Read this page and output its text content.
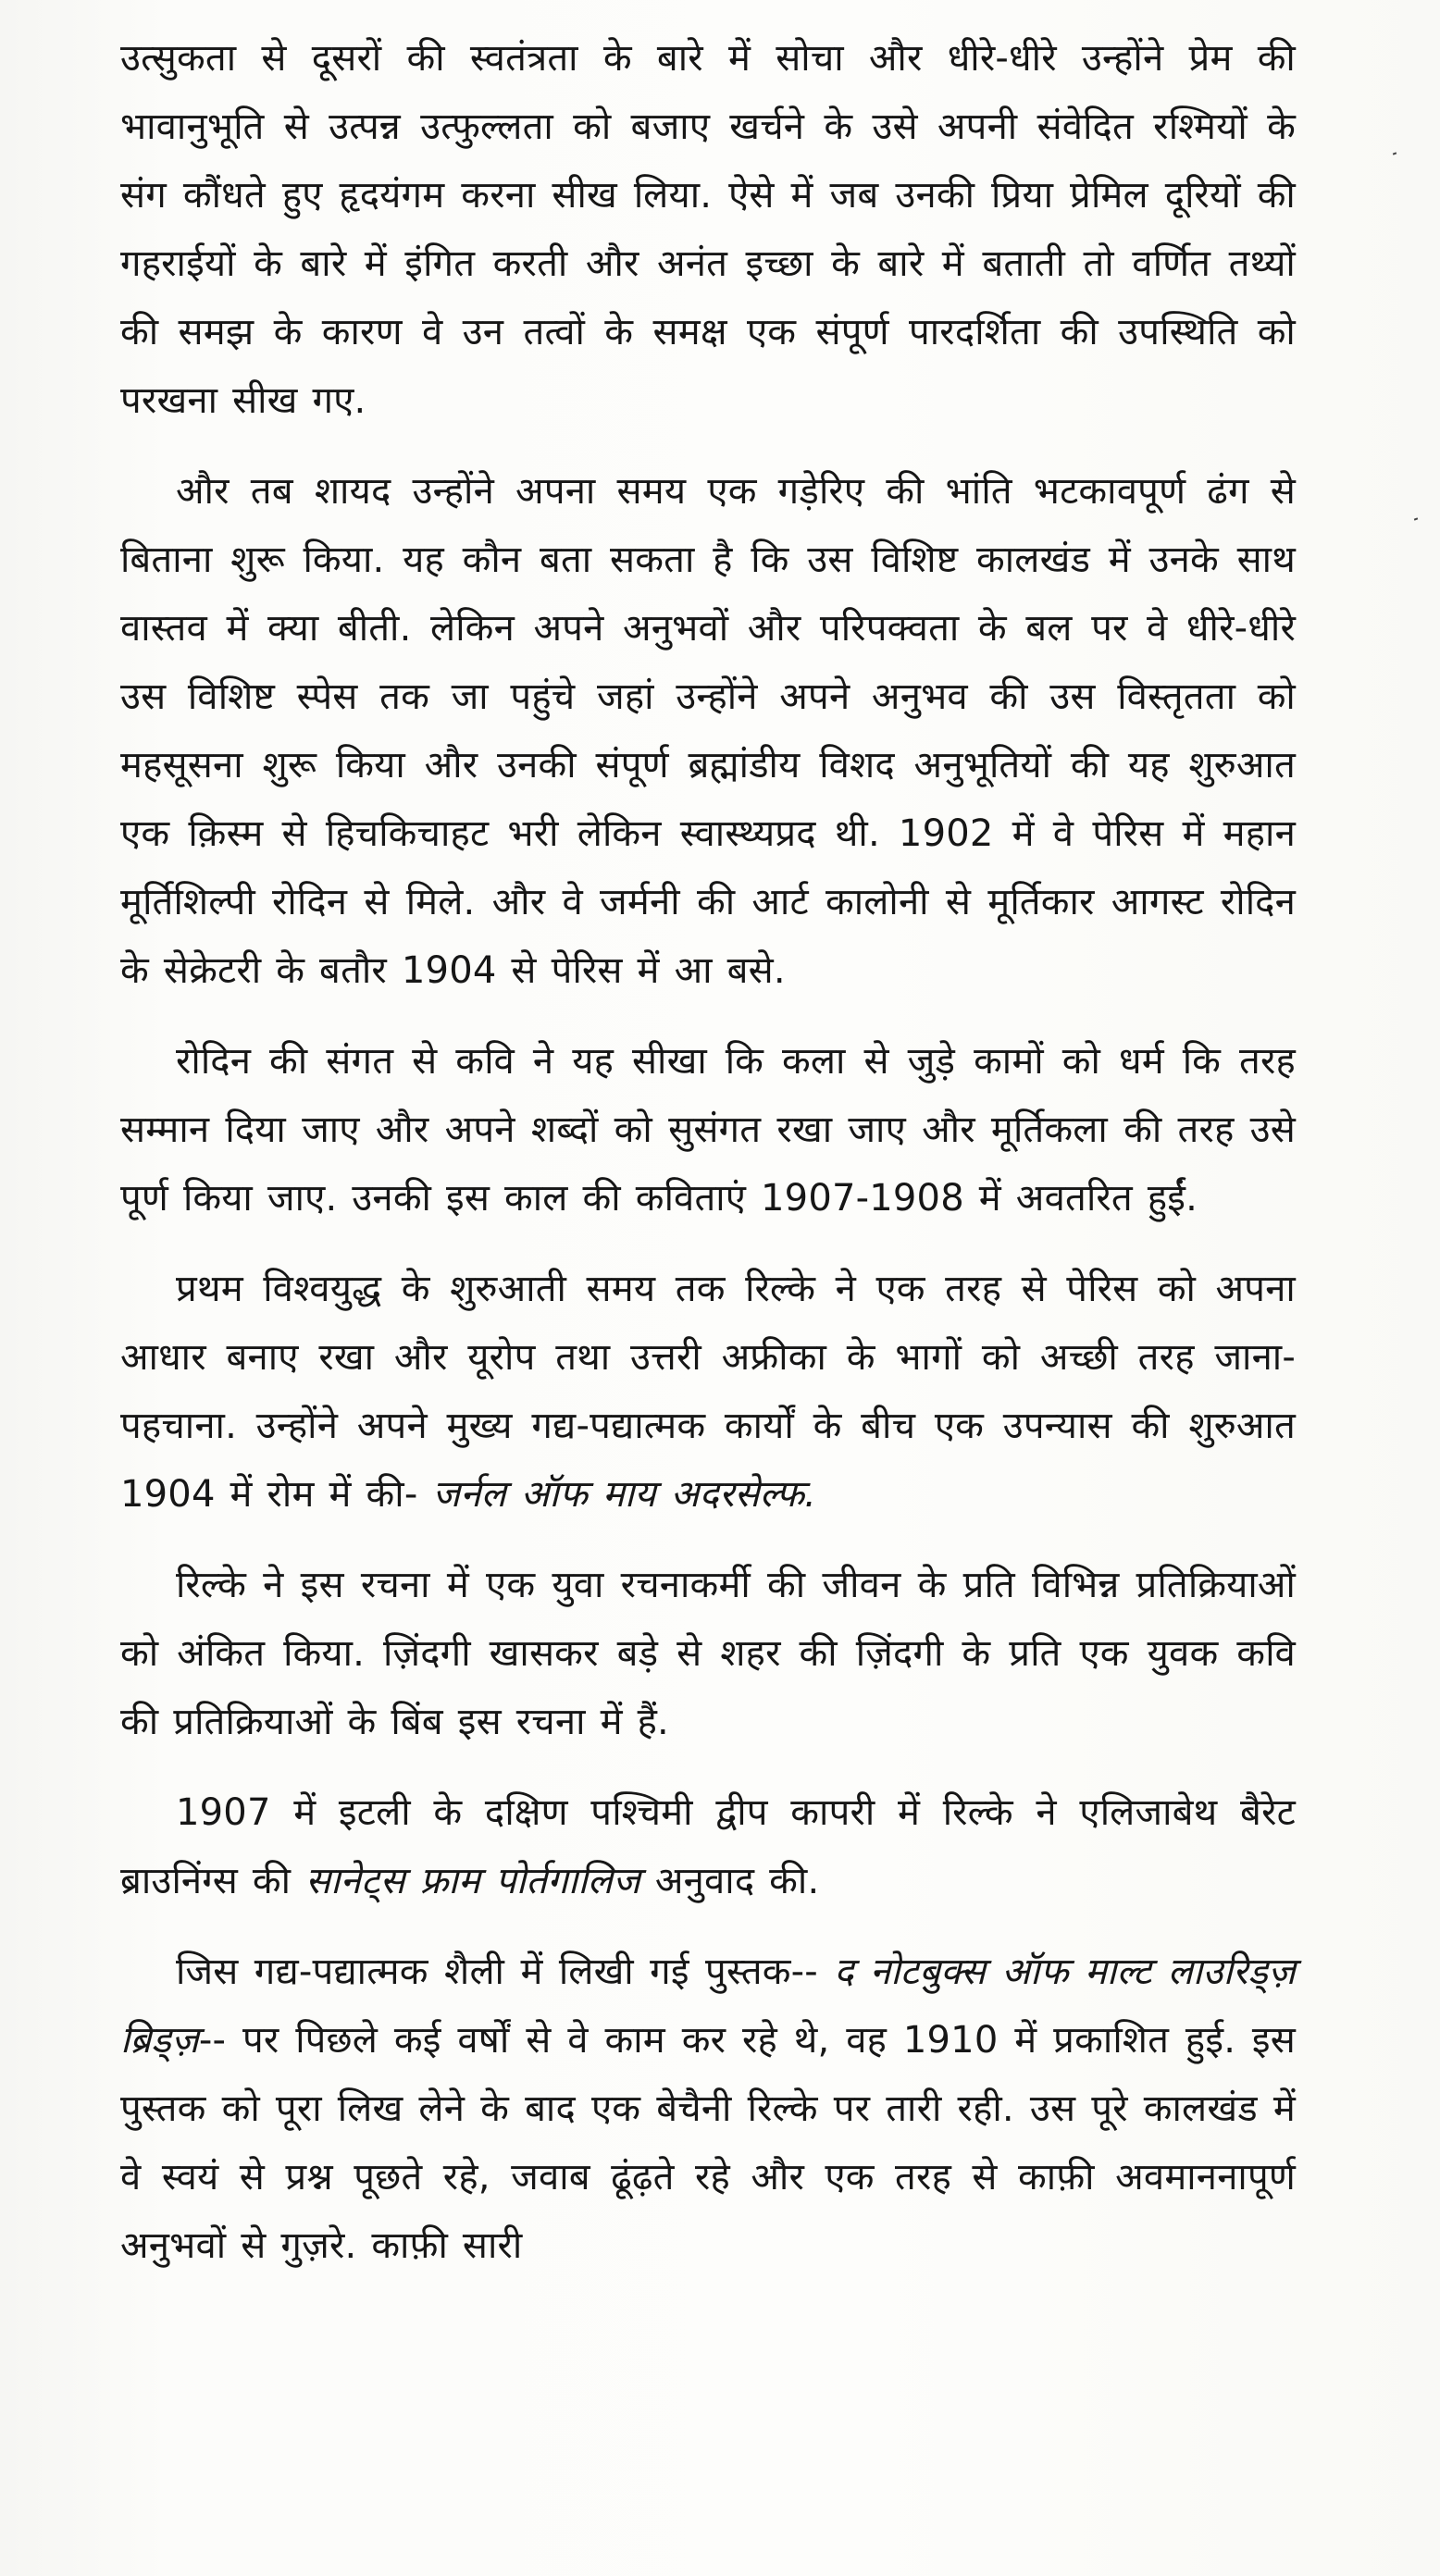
उत्सुकता से दूसरों की स्वतंत्रता के बारे में सोचा और धीरे-धीरे उन्होंने प्रेम की भावानुभूति से उत्पन्न उत्फुल्लता को बजाए खर्चने के उसे अपनी संवेदित रश्मियों के संग कौंधते हुए हृदयंगम करना सीख लिया. ऐसे में जब उनकी प्रिया प्रेमिल दूरियों की गहराईयों के बारे में इंगित करती और अनंत इच्छा के बारे में बताती तो वर्णित तथ्यों की समझ के कारण वे उन तत्वों के समक्ष एक संपूर्ण पारदर्शिता की उपस्थिति को परखना सीख गए.

और तब शायद उन्होंने अपना समय एक गड़ेरिए की भांति भटकावपूर्ण ढंग से बिताना शुरू किया. यह कौन बता सकता है कि उस विशिष्ट कालखंड में उनके साथ वास्तव में क्या बीती. लेकिन अपने अनुभवों और परिपक्वता के बल पर वे धीरे-धीरे उस विशिष्ट स्पेस तक जा पहुंचे जहां उन्होंने अपने अनुभव की उस विस्तृतता को महसूसना शुरू किया और उनकी संपूर्ण ब्रह्मांडीय विशद अनुभूतियों की यह शुरुआत एक क़िस्म से हिचकिचाहट भरी लेकिन स्वास्थ्यप्रद थी. 1902 में वे पेरिस में महान मूर्तिशिल्पी रोदिन से मिले. और वे जर्मनी की आर्ट कालोनी से मूर्तिकार आगस्ट रोदिन के सेक्रेटरी के बतौर 1904 से पेरिस में आ बसे.

रोदिन की संगत से कवि ने यह सीखा कि कला से जुड़े कामों को धर्म कि तरह सम्मान दिया जाए और अपने शब्दों को सुसंगत रखा जाए और मूर्तिकला की तरह उसे पूर्ण किया जाए. उनकी इस काल की कविताएं 1907-1908 में अवतरित हुईं.

प्रथम विश्वयुद्ध के शुरुआती समय तक रिल्के ने एक तरह से पेरिस को अपना आधार बनाए रखा और यूरोप तथा उत्तरी अफ्रीका के भागों को अच्छी तरह जाना-पहचाना. उन्होंने अपने मुख्य गद्य-पद्यात्मक कार्यों के बीच एक उपन्यास की शुरुआत 1904 में रोम में की- जर्नल ऑफ माय अदरसेल्फ.

रिल्के ने इस रचना में एक युवा रचनाकर्मी की जीवन के प्रति विभिन्न प्रतिक्रियाओं को अंकित किया. ज़िंदगी खासकर बड़े से शहर की ज़िंदगी के प्रति एक युवक कवि की प्रतिक्रियाओं के बिंब इस रचना में हैं.

1907 में इटली के दक्षिण पश्चिमी द्वीप कापरी में रिल्के ने एलिजाबेथ बैरेट ब्राउनिंग्स की सानेट्स फ्राम पोर्तगालिज अनुवाद की.

जिस गद्य-पद्यात्मक शैली में लिखी गई पुस्तक-- द नोटबुक्स ऑफ माल्ट लाउरिड्ज़ ब्रिड्ज़-- पर पिछले कई वर्षों से वे काम कर रहे थे, वह 1910 में प्रकाशित हुई. इस पुस्तक को पूरा लिख लेने के बाद एक बेचैनी रिल्के पर तारी रही. उस पूरे कालखंड में वे स्वयं से प्रश्न पूछते रहे, जवाब ढूंढ़ते रहे और एक तरह से काफ़ी अवमाननापूर्ण अनुभवों से गुज़रे. काफ़ी सारी
